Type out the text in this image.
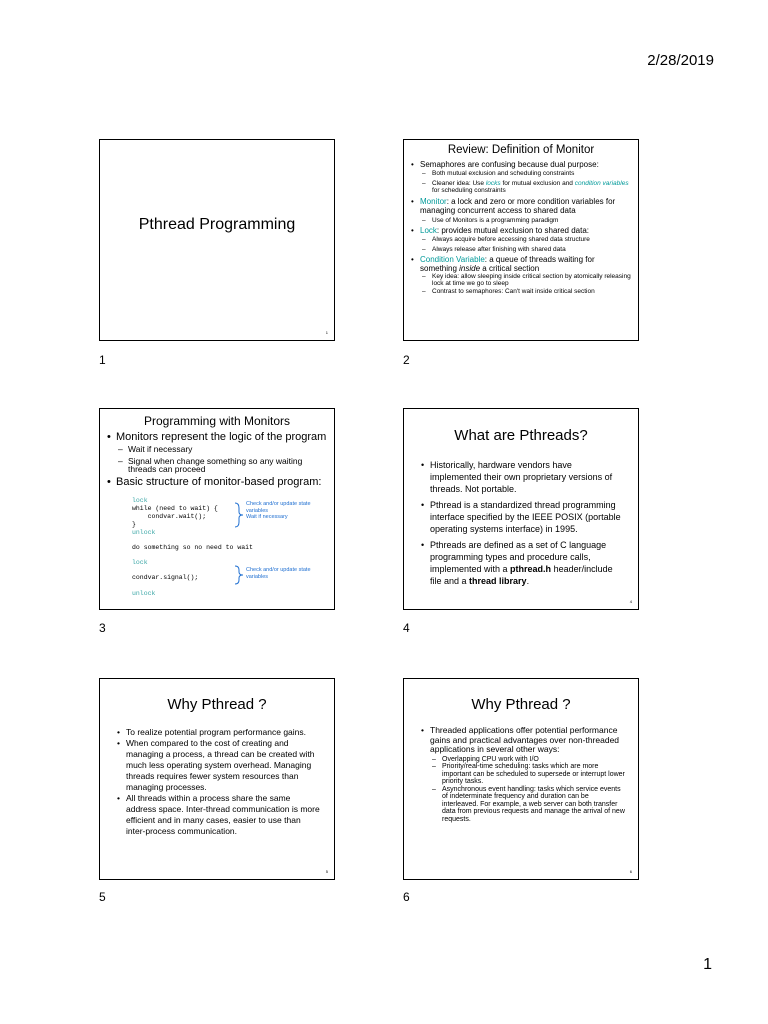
2/28/2019
Pthread Programming
1
1
Review: Definition of Monitor
• Semaphores are confusing because dual purpose:
– Both mutual exclusion and scheduling constraints
– Cleaner idea: Use locks for mutual exclusion and condition variables for scheduling constraints
• Monitor: a lock and zero or more condition variables for managing concurrent access to shared data
– Use of Monitors is a programming paradigm
• Lock: provides mutual exclusion to shared data:
– Always acquire before accessing shared data structure
– Always release after finishing with shared data
• Condition Variable: a queue of threads waiting for something inside a critical section
– Key idea: allow sleeping inside critical section by atomically releasing lock at time we go to sleep
– Contrast to semaphores: Can't wait inside critical section
2
Programming with Monitors
• Monitors represent the logic of the program
– Wait if necessary
– Signal when change something so any waiting threads can proceed
• Basic structure of monitor-based program:
lock
while (need to wait) {
condvar.wait();
}
unlock
do something so no need to wait
lock
condvar.signal();
unlock
Check and/or update state variables
Wait if necessary
Check and/or update state variables
3
What are Pthreads?
• Historically, hardware vendors have implemented their own proprietary versions of threads. Not portable.
• Pthread is a standardized thread programming interface specified by the IEEE POSIX (portable operating systems interface) in 1995.
• Pthreads are defined as a set of C language programming types and procedure calls, implemented with a pthread.h header/include file and a thread library.
4
4
Why Pthread ?
• To realize potential program performance gains.
• When compared to the cost of creating and managing a process, a thread can be created with much less operating system overhead. Managing threads requires fewer system resources than managing processes.
• All threads within a process share the same address space. Inter-thread communication is more efficient and in many cases, easier to use than inter-process communication.
5
5
Why Pthread ?
• Threaded applications offer potential performance gains and practical advantages over non-threaded applications in several other ways:
– Overlapping CPU work with I/O
– Priority/real-time scheduling: tasks which are more important can be scheduled to supersede or interrupt lower priority tasks.
– Asynchronous event handling: tasks which service events of indeterminate frequency and duration can be interleaved. For example, a web server can both transfer data from previous requests and manage the arrival of new requests.
6
6
1
